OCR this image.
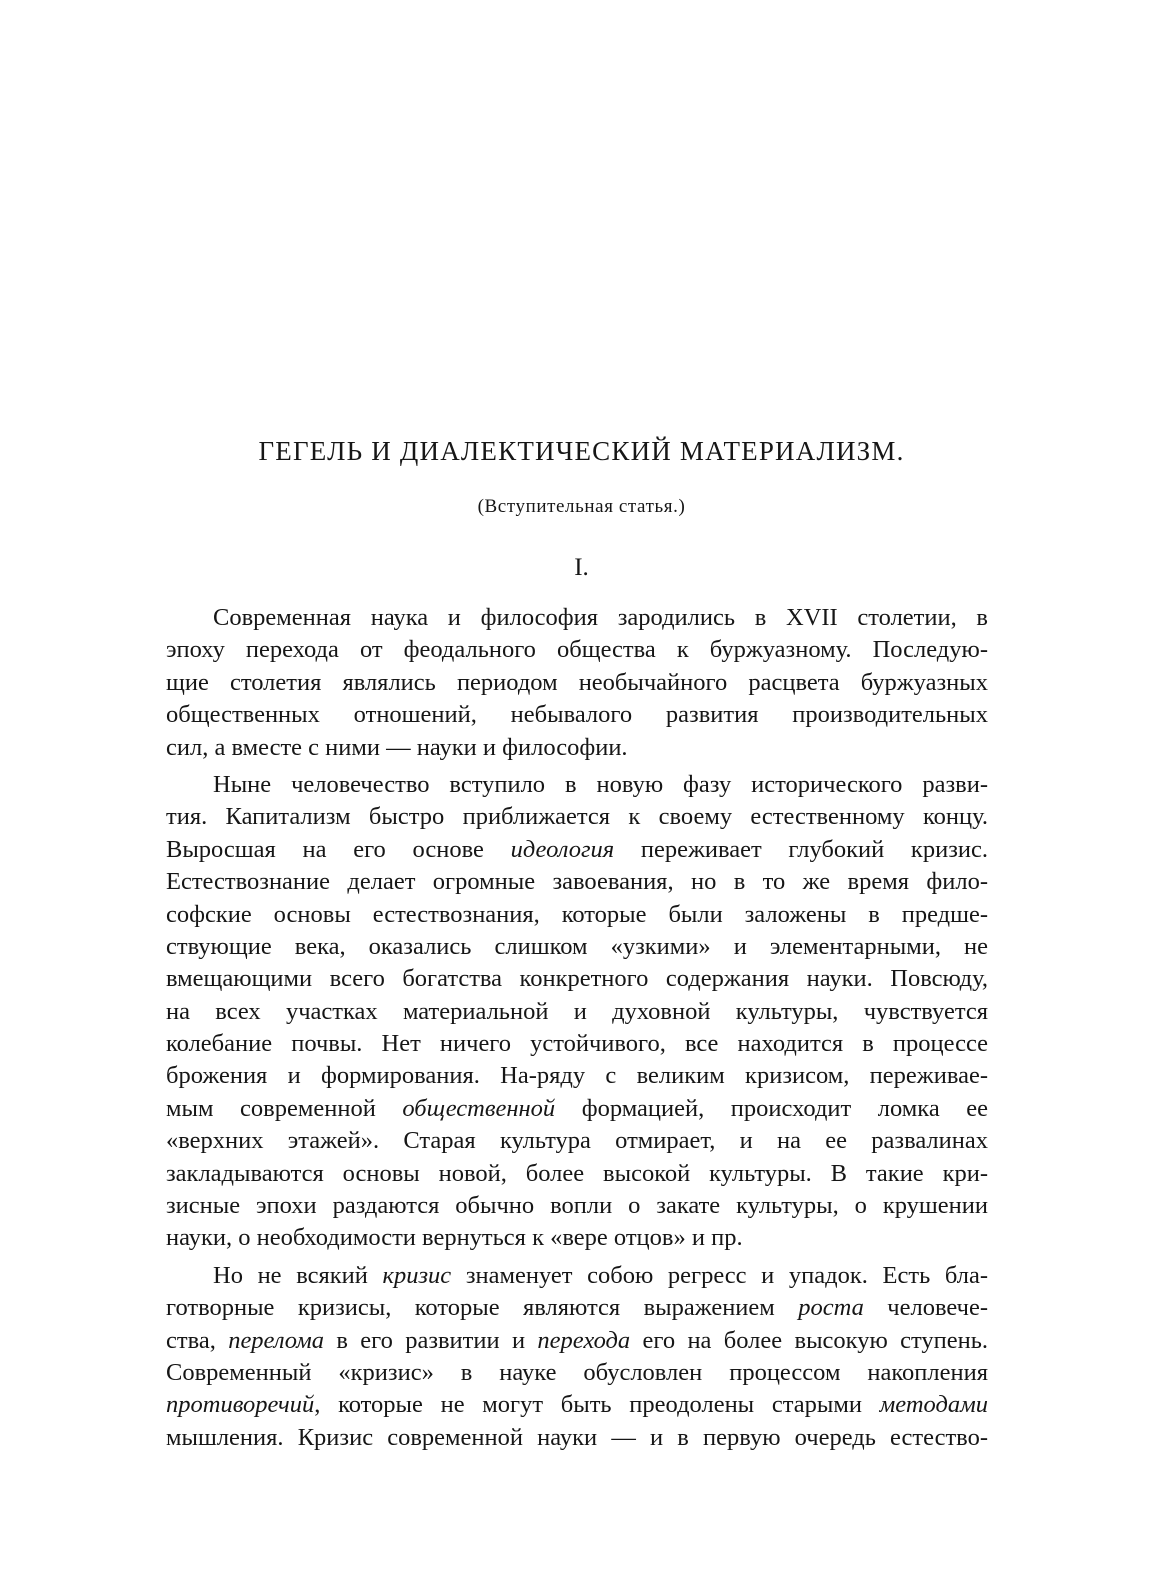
ГЕГЕЛЬ И ДИАЛЕКТИЧЕСКИЙ МАТЕРИАЛИЗМ.
(Вступительная статья.)
I.
Современная наука и философия зародились в XVII столетии, в
эпоху перехода от феодального общества к буржуазному. Последую-
щие столетия являлись периодом необычайного расцвета буржуазных
общественных отношений, небывалого развития производительных
сил, а вместе с ними — науки и философии.
Ныне человечество вступило в новую фазу исторического разви-
тия. Капитализм быстро приближается к своему естественному концу.
Выросшая на его основе идеология переживает глубокий кризис.
Естествознание делает огромные завоевания, но в то же время фило-
софские основы естествознания, которые были заложены в предше-
ствующие века, оказались слишком «узкими» и элементарными, не
вмещающими всего богатства конкретного содержания науки. Повсюду,
на всех участках материальной и духовной культуры, чувствуется
колебание почвы. Нет ничего устойчивого, все находится в процессе
брожения и формирования. На-ряду с великим кризисом, переживае-
мым современной общественной формацией, происходит ломка ее
«верхних этажей». Старая культура отмирает, и на ее развалинах
закладываются основы новой, более высокой культуры. В такие кри-
зисные эпохи раздаются обычно вопли о закате культуры, о крушении
науки, о необходимости вернуться к «вере отцов» и пр.
Но не всякий кризис знаменует собою регресс и упадок. Есть бла-
готворные кризисы, которые являются выражением роста человече-
ства, перелома в его развитии и перехода его на более высокую ступень.
Современный «кризис» в науке обусловлен процессом накопления
противоречий, которые не могут быть преодолены старыми методами
мышления. Кризис современной науки — и в первую очередь естество-
